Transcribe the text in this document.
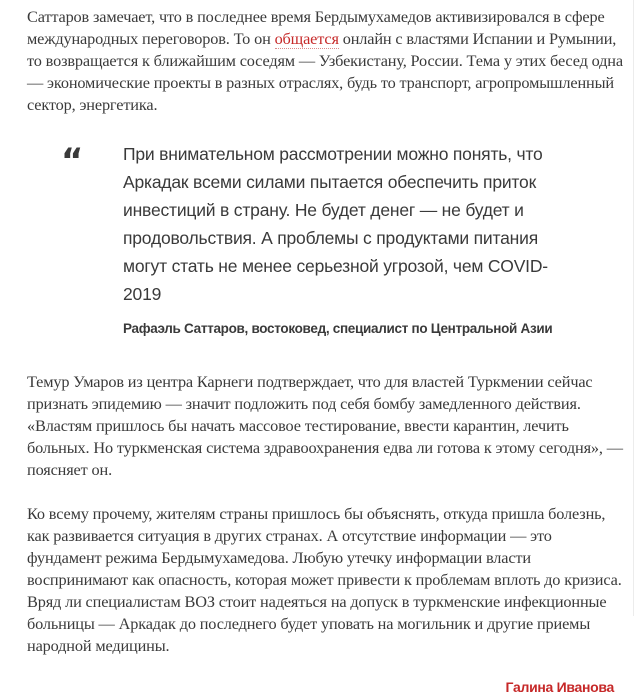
Саттаров замечает, что в последнее время Бердымухамедов активизировался в сфере международных переговоров. То он общается онлайн с властями Испании и Румынии, то возвращается к ближайшим соседям — Узбекистану, России. Тема у этих бесед одна — экономические проекты в разных отраслях, будь то транспорт, агропромышленный сектор, энергетика.

“ При внимательном рассмотрении можно понять, что Аркадак всеми силами пытается обеспечить приток инвестиций в страну. Не будет денег — не будет и продовольствия. А проблемы с продуктами питания могут стать не менее серьезной угрозой, чем COVID-2019

Рафаэль Саттаров, востоковед, специалист по Центральной Азии

Темур Умаров из центра Карнеги подтверждает, что для властей Туркмении сейчас признать эпидемию — значит подложить под себя бомбу замедленного действия. «Властям пришлось бы начать массовое тестирование, ввести карантин, лечить больных. Но туркменская система здравоохранения едва ли готова к этому сегодня», — поясняет он.

Ко всему прочему, жителям страны пришлось бы объяснять, откуда пришла болезнь, как развивается ситуация в других странах. А отсутствие информации — это фундамент режима Бердымухамедова. Любую утечку информации власти воспринимают как опасность, которая может привести к проблемам вплоть до кризиса. Вряд ли специалистам ВОЗ стоит надеяться на допуск в туркменские инфекционные больницы — Аркадак до последнего будет уповать на могильник и другие приемы народной медицины.

Галина Иванова
